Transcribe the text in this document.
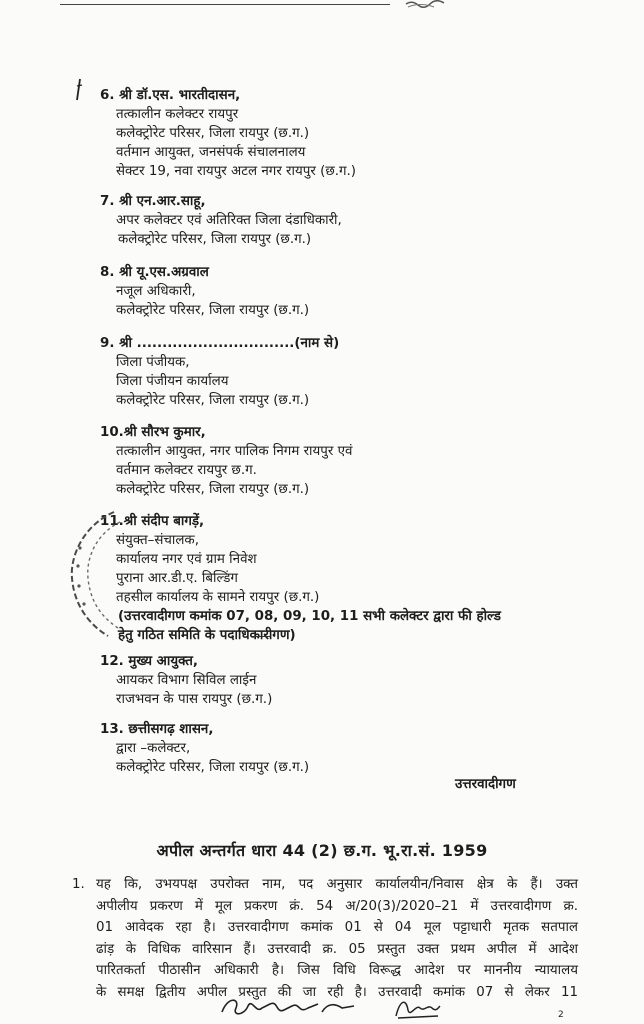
6. श्री डॉ.एस. भारतीदासन,
तत्कालीन कलेक्टर रायपुर
कलेक्ट्रोरेट परिसर, जिला रायपुर (छ.ग.)
वर्तमान आयुक्त, जनसंपर्क संचालनालय
सेक्टर 19, नवा रायपुर अटल नगर रायपुर (छ.ग.)
7. श्री एन.आर.साहू,
अपर कलेक्टर एवं अतिरिक्त जिला दंडाधिकारी,
कलेक्ट्रोरेट परिसर, जिला रायपुर (छ.ग.)
8. श्री यू.एस.अग्रवाल
नजूल अधिकारी,
कलेक्ट्रोरेट परिसर, जिला रायपुर (छ.ग.)
9. श्री ...............................(नाम से)
जिला पंजीयक,
जिला पंजीयन कार्यालय
कलेक्ट्रोरेट परिसर, जिला रायपुर (छ.ग.)
10.श्री सौरभ कुमार,
तत्कालीन आयुक्त, नगर पालिक निगम रायपुर एवं
वर्तमान कलेक्टर रायपुर छ.ग.
कलेक्ट्रोरेट परिसर, जिला रायपुर (छ.ग.)
11.श्री संदीप बागड़ें,
संयुक्त–संचालक,
कार्यालय नगर एवं ग्राम निवेश
पुराना आर.डी.ए. बिल्डिंग
तहसील कार्यालय के सामने रायपुर (छ.ग.)
(उत्तरवादीगण कमांक 07, 08, 09, 10, 11 सभी कलेक्टर द्वारा फी होल्ड
हेतु गठित समिति के पदाधिकारीगण)
12. मुख्य आयुक्त,
आयकर विभाग सिविल लाईन
राजभवन के पास रायपुर (छ.ग.)
13. छत्तीसगढ़ शासन,
द्वारा –कलेक्टर,
कलेक्ट्रोरेट परिसर, जिला रायपुर (छ.ग.)
उत्तरवादीगण
अपील अन्तर्गत धारा 44 (2) छ.ग. भू.रा.सं. 1959
1. यह कि, उभयपक्ष उपरोक्त नाम, पद अनुसार कार्यालयीन/निवास क्षेत्र के हैं। उक्त
अपीलीय प्रकरण में मूल प्रकरण क्रं. 54 अ/20(3)/2020–21 में उत्तरवादीगण क्र.
01 आवेदक रहा है। उत्तरवादीगण कमांक 01 से 04 मूल पट्टाधारी मृतक सतपाल
ढांड़ के विधिक वारिसान हैं। उत्तरवादी क्र. 05 प्रस्तुत उक्त प्रथम अपील में आदेश
पारितकर्ता पीठासीन अधिकारी है। जिस विधि विरूद्ध आदेश पर माननीय न्यायालय
के समक्ष द्वितीय अपील प्रस्तुत की जा रही है। उत्तरवादी कमांक 07 से लेकर 11
2
